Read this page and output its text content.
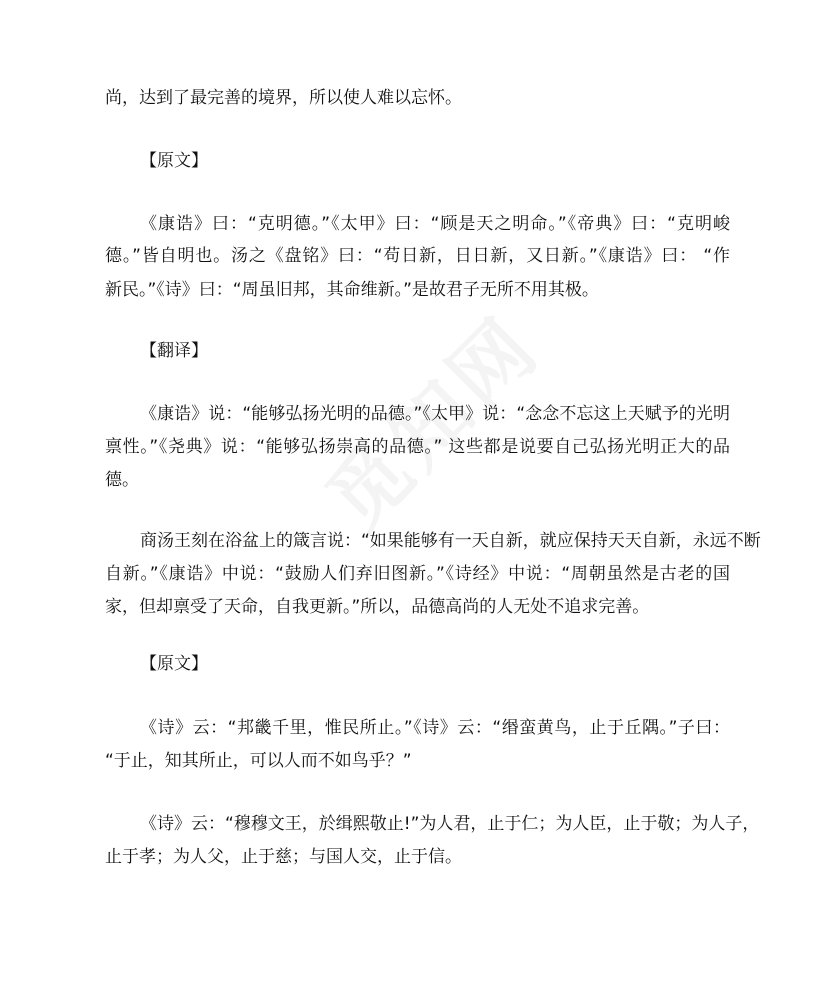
尚，达到了最完善的境界，所以使人难以忘怀。
【原文】
《康诰》曰：“克明德。”《太甲》曰：“顾是天之明命。”《帝典》曰：“克明峻
德。”皆自明也。汤之《盘铭》曰：“苟日新，日日新，又日新。”《康诰》曰： “作
新民。”《诗》曰：“周虽旧邦，其命维新。”是故君子无所不用其极。
【翻译】
《康诰》说：“能够弘扬光明的品德。”《太甲》说：“念念不忘这上天赋予的光明
禀性。”《尧典》说：“能够弘扬崇高的品德。” 这些都是说要自己弘扬光明正大的品
德。
商汤王刻在浴盆上的箴言说：“如果能够有一天自新，就应保持天天自新，永远不断
自新。”《康诰》中说：“鼓励人们弃旧图新。”《诗经》中说：“周朝虽然是古老的国
家，但却禀受了天命，自我更新。”所以，品德高尚的人无处不追求完善。
【原文】
《诗》云：“邦畿千里，惟民所止。”《诗》云：“缗蛮黄鸟，止于丘隅。”子曰：
“于止，知其所止，可以人而不如鸟乎？”
《诗》云：“穆穆文王，於缉熙敬止!”为人君，止于仁；为人臣，止于敬；为人子，
止于孝；为人父，止于慈；与国人交，止于信。
